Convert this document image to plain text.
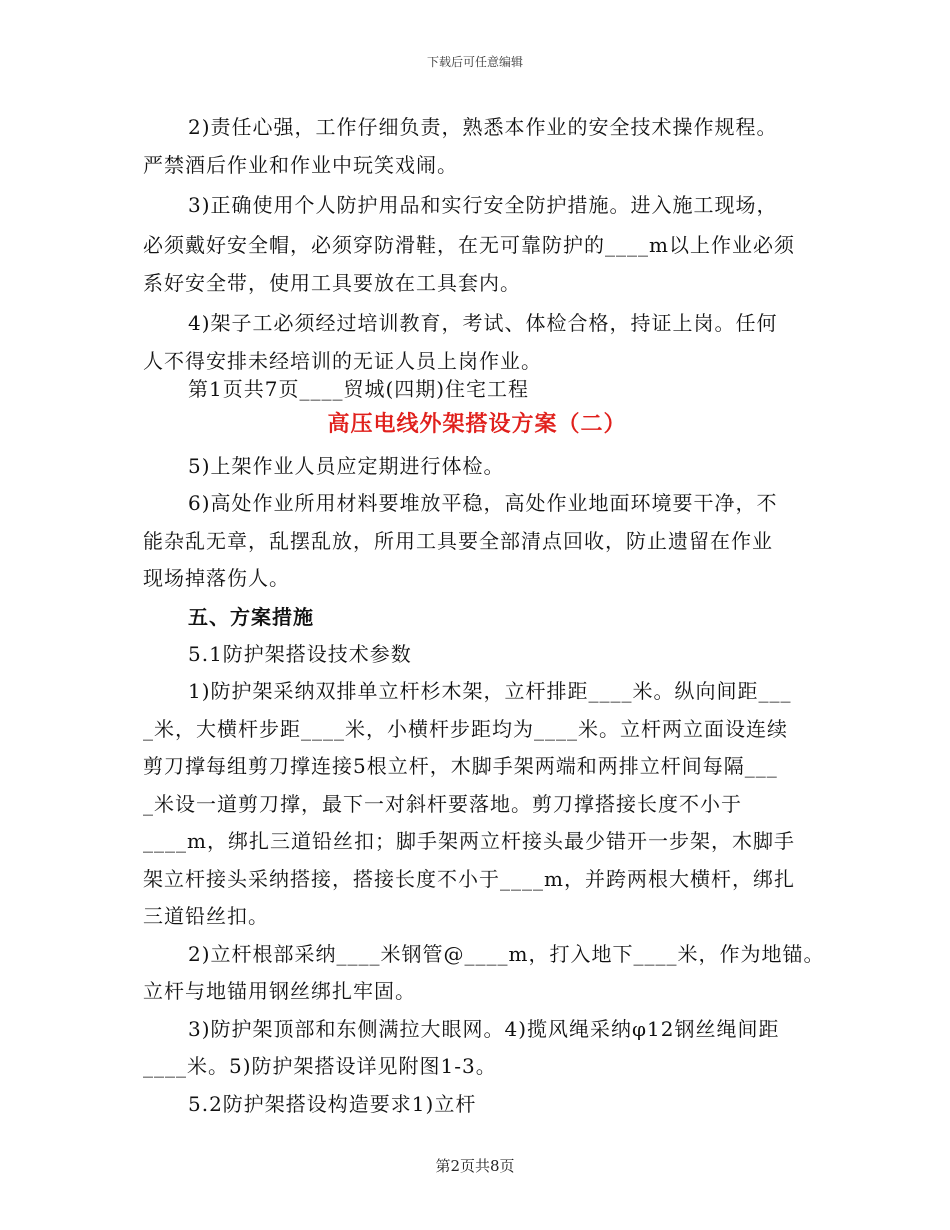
下载后可任意编辑
2)责任心强，工作仔细负责，熟悉本作业的安全技术操作规程。
严禁酒后作业和作业中玩笑戏闹。
3)正确使用个人防护用品和实行安全防护措施。进入施工现场，
必须戴好安全帽，必须穿防滑鞋，在无可靠防护的____m以上作业必须
系好安全带，使用工具要放在工具套内。
4)架子工必须经过培训教育，考试、体检合格，持证上岗。任何
人不得安排未经培训的无证人员上岗作业。
第1页共7页____贸城(四期)住宅工程
高压电线外架搭设方案（二）
5)上架作业人员应定期进行体检。
6)高处作业所用材料要堆放平稳，高处作业地面环境要干净，不
能杂乱无章，乱摆乱放，所用工具要全部清点回收，防止遗留在作业
现场掉落伤人。
五、方案措施
5.1防护架搭设技术参数
1)防护架采纳双排单立杆杉木架，立杆排距____米。纵向间距___
_米，大横杆步距____米，小横杆步距均为____米。立杆两立面设连续
剪刀撑每组剪刀撑连接5根立杆，木脚手架两端和两排立杆间每隔___
_米设一道剪刀撑，最下一对斜杆要落地。剪刀撑搭接长度不小于
____m，绑扎三道铅丝扣；脚手架两立杆接头最少错开一步架，木脚手
架立杆接头采纳搭接，搭接长度不小于____m，并跨两根大横杆，绑扎
三道铅丝扣。
2)立杆根部采纳____米钢管@____m，打入地下____米，作为地锚。
立杆与地锚用钢丝绑扎牢固。
3)防护架顶部和东侧满拉大眼网。4)揽风绳采纳φ12钢丝绳间距
____米。5)防护架搭设详见附图1-3。
5.2防护架搭设构造要求1)立杆
第2页共8页
